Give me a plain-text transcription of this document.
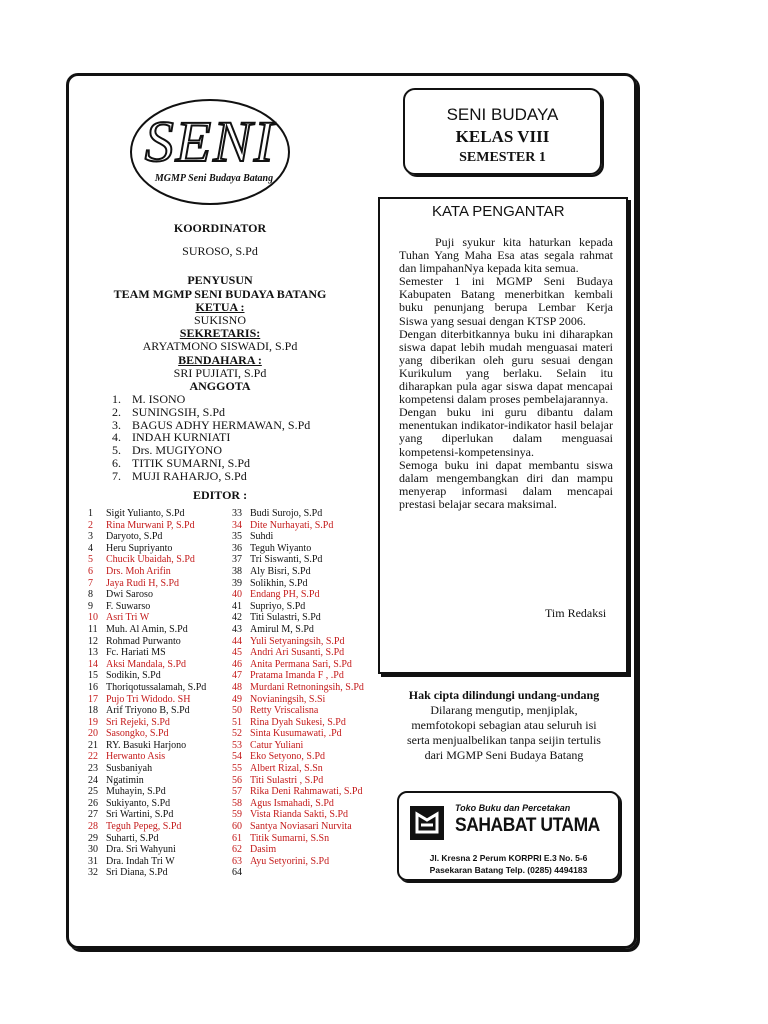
SENI
MGMP Seni Budaya Batang
KOORDINATOR
SUROSO, S.Pd
PENYUSUN
TEAM MGMP SENI BUDAYA BATANG
KETUA :
SUKISNO
SEKRETARIS:
ARYATMONO SISWADI, S.Pd
BENDAHARA :
SRI PUJIATI, S.Pd
ANGGOTA
1. M. ISONO
2. SUNINGSIH, S.Pd
3. BAGUS ADHY HERMAWAN, S.Pd
4. INDAH KURNIATI
5. Drs. MUGIYONO
6. TITIK SUMARNI, S.Pd
7. MUJI RAHARJO, S.Pd
EDITOR :
1 Sigit Yulianto, S.Pd
2 Rina Murwani P, S.Pd
3 Daryoto, S.Pd
4 Heru Supriyanto
5 Chucik Ubaidah, S.Pd
6 Drs. Moh Arifin
7 Jaya Rudi H, S.Pd
8 Dwi Saroso
9 F. Suwarso
10 Asri Tri W
11 Muh. Al Amin, S.Pd
12 Rohmad Purwanto
13 Fc. Hariati MS
14 Aksi Mandala, S.Pd
15 Sodikin, S.Pd
16 Thoriqotussalamah, S.Pd
17 Pujo Tri Widodo. SH
18 Arif Triyono B, S.Pd
19 Sri Rejeki, S.Pd
20 Sasongko, S.Pd
21 RY. Basuki Harjono
22 Herwanto Asis
23 Susbaniyah
24 Ngatimin
25 Muhayin, S.Pd
26 Sukiyanto, S.Pd
27 Sri Wartini, S.Pd
28 Teguh Pepeg, S.Pd
29 Suharti, S.Pd
30 Dra. Sri Wahyuni
31 Dra. Indah Tri W
32 Sri Diana, S.Pd
33 Budi Surojo, S.Pd
34 Dite Nurhayati, S.Pd
35 Suhdi
36 Teguh Wiyanto
37 Tri Siswanti, S.Pd
38 Aly Bisri, S.Pd
39 Solikhin, S.Pd
40 Endang PH, S.Pd
41 Supriyo, S.Pd
42 Titi Sulastri, S.Pd
43 Amirul M, S.Pd
44 Yuli Setyaningsih, S.Pd
45 Andri Ari Susanti, S.Pd
46 Anita Permana Sari, S.Pd
47 Pratama Imanda F , .Pd
48 Murdani Retnoningsih, S.Pd
49 Novianingsih, S.Si
50 Retty Vriscalisna
51 Rina Dyah Sukesi, S.Pd
52 Sinta Kusumawati, .Pd
53 Catur Yuliani
54 Eko Setyono, S.Pd
55 Albert Rizal, S.Sn
56 Titi Sulastri , S.Pd
57 Rika Deni Rahmawati, S.Pd
58 Agus Ismahadi, S.Pd
59 Vista Rianda Sakti, S.Pd
60 Santya Noviasari Nurvita
61 Titik Sumarni, S.Sn
62 Dasim
63 Ayu Setyorini, S.Pd
64
SENI BUDAYA
KELAS VIII
SEMESTER 1
KATA PENGANTAR

Puji syukur kita haturkan kepada Tuhan Yang Maha Esa atas segala rahmat dan limpahanNya kepada kita semua.

Semester 1 ini MGMP Seni Budaya Kabupaten Batang menerbitkan kembali buku penunjang berupa Lembar Kerja Siswa yang sesuai dengan KTSP 2006.

Dengan diterbitkannya buku ini diharapkan siswa dapat lebih mudah menguasai materi yang diberikan oleh guru sesuai dengan Kurikulum yang berlaku. Selain itu diharapkan pula agar siswa dapat mencapai kompetensi dalam proses pembelajarannya.

Dengan buku ini guru dibantu dalam menentukan indikator-indikator hasil belajar yang diperlukan dalam menguasai kompetensi-kompetensinya.

Semoga buku ini dapat membantu siswa dalam mengembangkan diri dan mampu menyerap informasi dalam mencapai prestasi belajar secara maksimal.

Tim Redaksi
Hak cipta dilindungi undang-undang
Dilarang mengutip, menjiplak,
memfotokopi sebagian atau seluruh isi
serta menjualbelikan tanpa seijin tertulis
dari MGMP Seni Budaya Batang
Toko Buku dan Percetakan
SAHABAT UTAMA
Jl. Kresna 2 Perum KORPRI E.3 No. 5-6
Pasekaran Batang Telp. (0285) 4494183
